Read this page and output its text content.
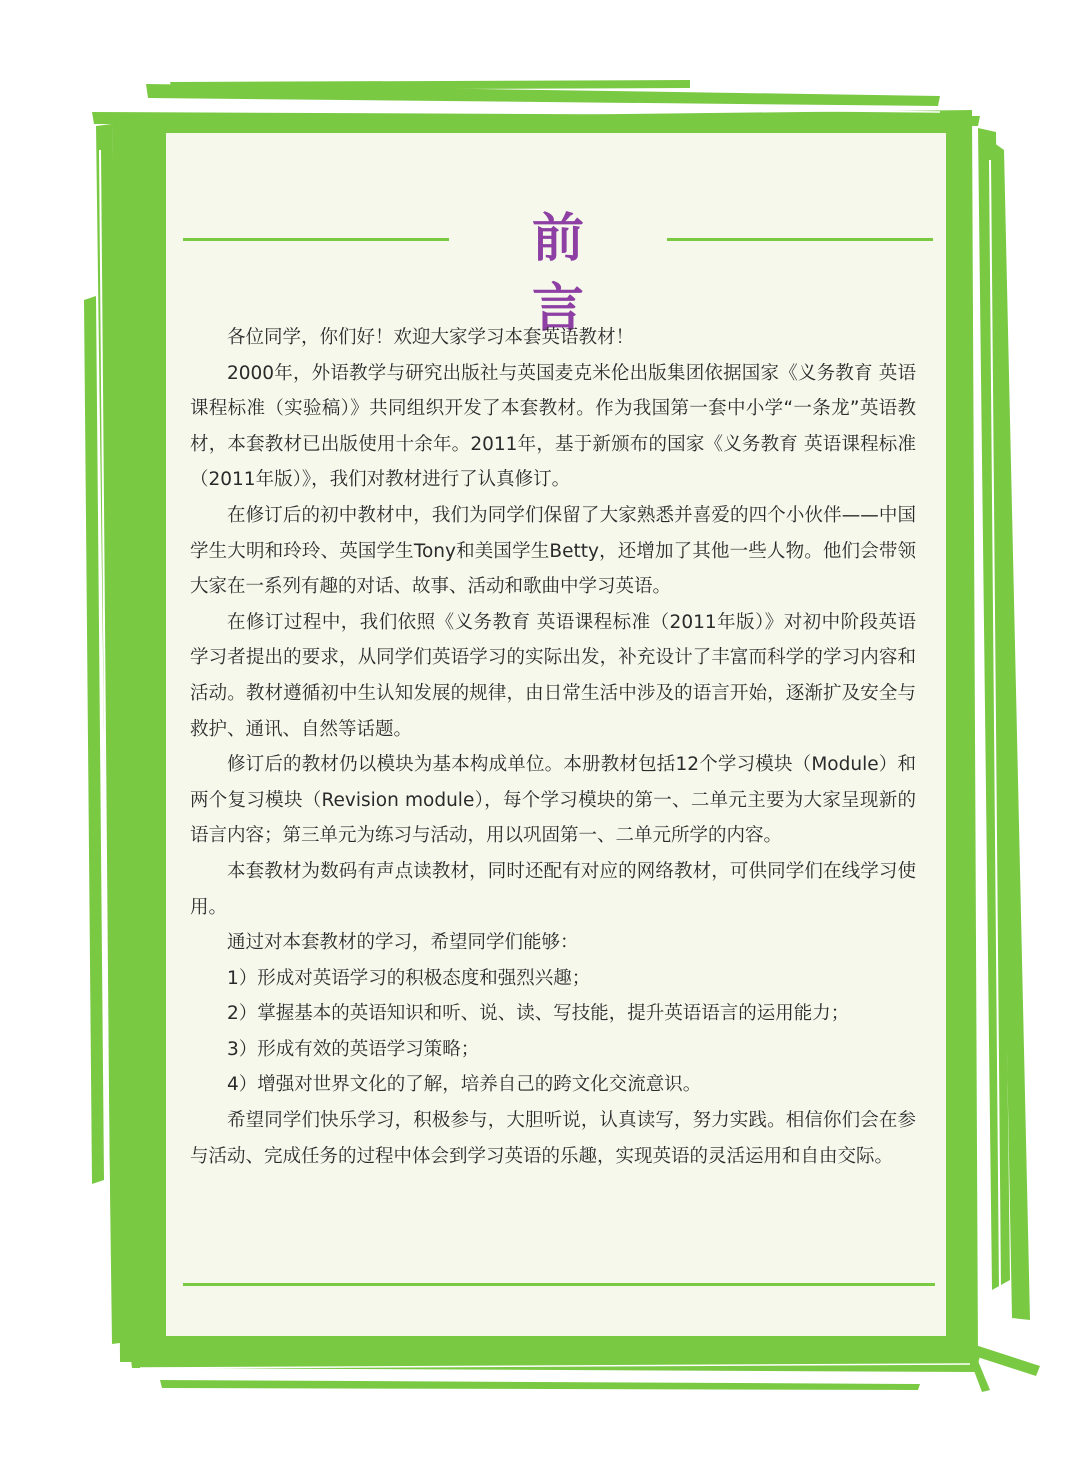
前言

各位同学，你们好！欢迎大家学习本套英语教材！

2000年，外语教学与研究出版社与英国麦克米伦出版集团依据国家《义务教育 英语课程标准（实验稿）》共同组织开发了本套教材。作为我国第一套中小学“一条龙”英语教材，本套教材已出版使用十余年。2011年，基于新颁布的国家《义务教育 英语课程标准（2011年版）》，我们对教材进行了认真修订。

在修订后的初中教材中，我们为同学们保留了大家熟悉并喜爱的四个小伙伴——中国学生大明和玲玲、英国学生Tony和美国学生Betty，还增加了其他一些人物。他们会带领大家在一系列有趣的对话、故事、活动和歌曲中学习英语。

在修订过程中，我们依照《义务教育 英语课程标准（2011年版）》对初中阶段英语学习者提出的要求，从同学们英语学习的实际出发，补充设计了丰富而科学的学习内容和活动。教材遵循初中生认知发展的规律，由日常生活中涉及的语言开始，逐渐扩及安全与救护、通讯、自然等话题。

修订后的教材仍以模块为基本构成单位。本册教材包括12个学习模块（Module）和两个复习模块（Revision module），每个学习模块的第一、二单元主要为大家呈现新的语言内容；第三单元为练习与活动，用以巩固第一、二单元所学的内容。

本套教材为数码有声点读教材，同时还配有对应的网络教材，可供同学们在线学习使用。

通过对本套教材的学习，希望同学们能够：

1）形成对英语学习的积极态度和强烈兴趣；

2）掌握基本的英语知识和听、说、读、写技能，提升英语语言的运用能力；

3）形成有效的英语学习策略；

4）增强对世界文化的了解，培养自己的跨文化交流意识。

希望同学们快乐学习，积极参与，大胆听说，认真读写，努力实践。相信你们会在参与活动、完成任务的过程中体会到学习英语的乐趣，实现英语的灵活运用和自由交际。
